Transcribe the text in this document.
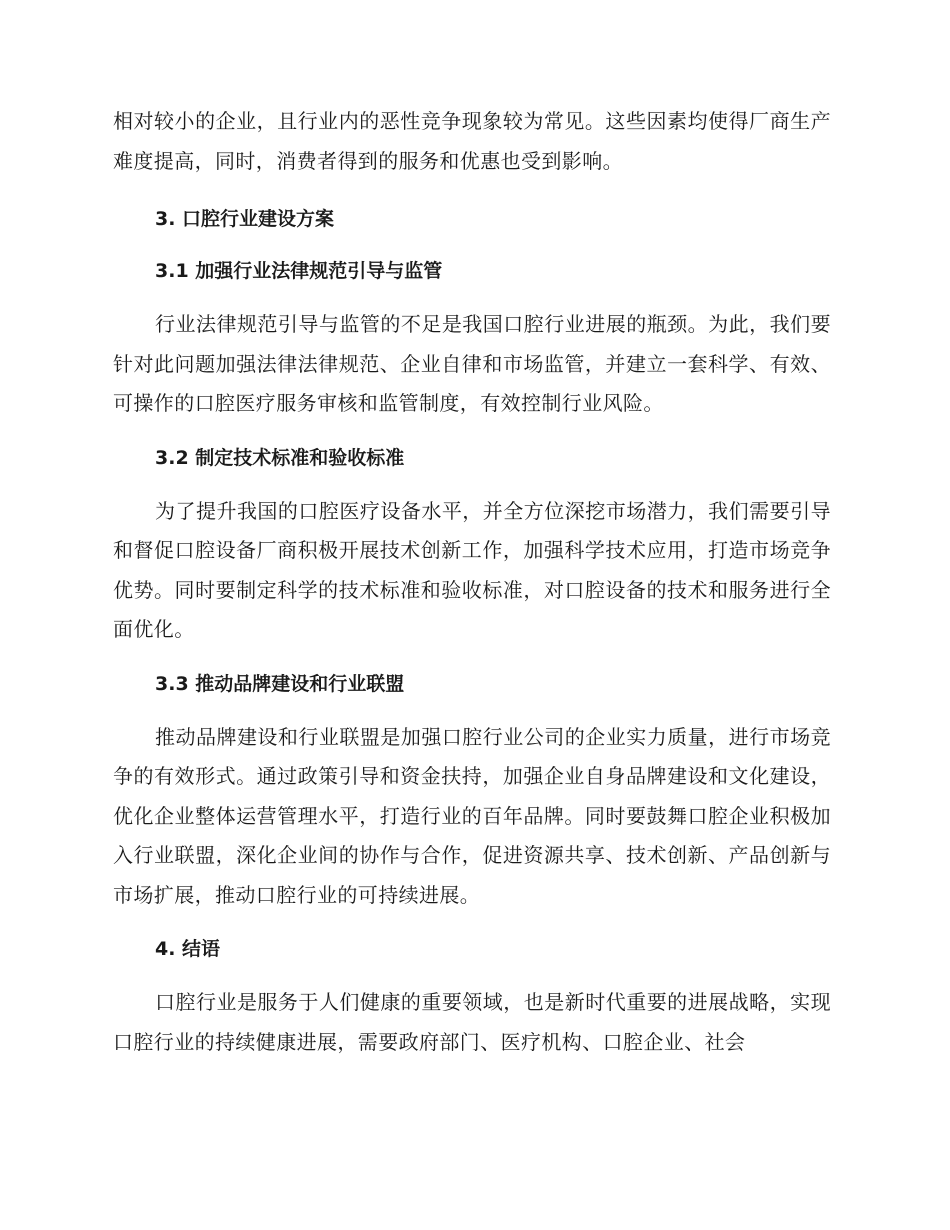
相对较小的企业，且行业内的恶性竞争现象较为常见。这些因素均使得厂商生产难度提高，同时，消费者得到的服务和优惠也受到影响。

3. 口腔行业建设方案
3.1 加强行业法律规范引导与监管

行业法律规范引导与监管的不足是我国口腔行业进展的瓶颈。为此，我们要针对此问题加强法律法律规范、企业自律和市场监管，并建立一套科学、有效、可操作的口腔医疗服务审核和监管制度，有效控制行业风险。

3.2 制定技术标准和验收标准

为了提升我国的口腔医疗设备水平，并全方位深挖市场潜力，我们需要引导和督促口腔设备厂商积极开展技术创新工作，加强科学技术应用，打造市场竞争优势。同时要制定科学的技术标准和验收标准，对口腔设备的技术和服务进行全面优化。

3.3 推动品牌建设和行业联盟

推动品牌建设和行业联盟是加强口腔行业公司的企业实力质量，进行市场竞争的有效形式。通过政策引导和资金扶持，加强企业自身品牌建设和文化建设，优化企业整体运营管理水平，打造行业的百年品牌。同时要鼓舞口腔企业积极加入行业联盟，深化企业间的协作与合作，促进资源共享、技术创新、产品创新与市场扩展，推动口腔行业的可持续进展。

4. 结语

口腔行业是服务于人们健康的重要领域，也是新时代重要的进展战略，实现口腔行业的持续健康进展，需要政府部门、医疗机构、口腔企业、社会
